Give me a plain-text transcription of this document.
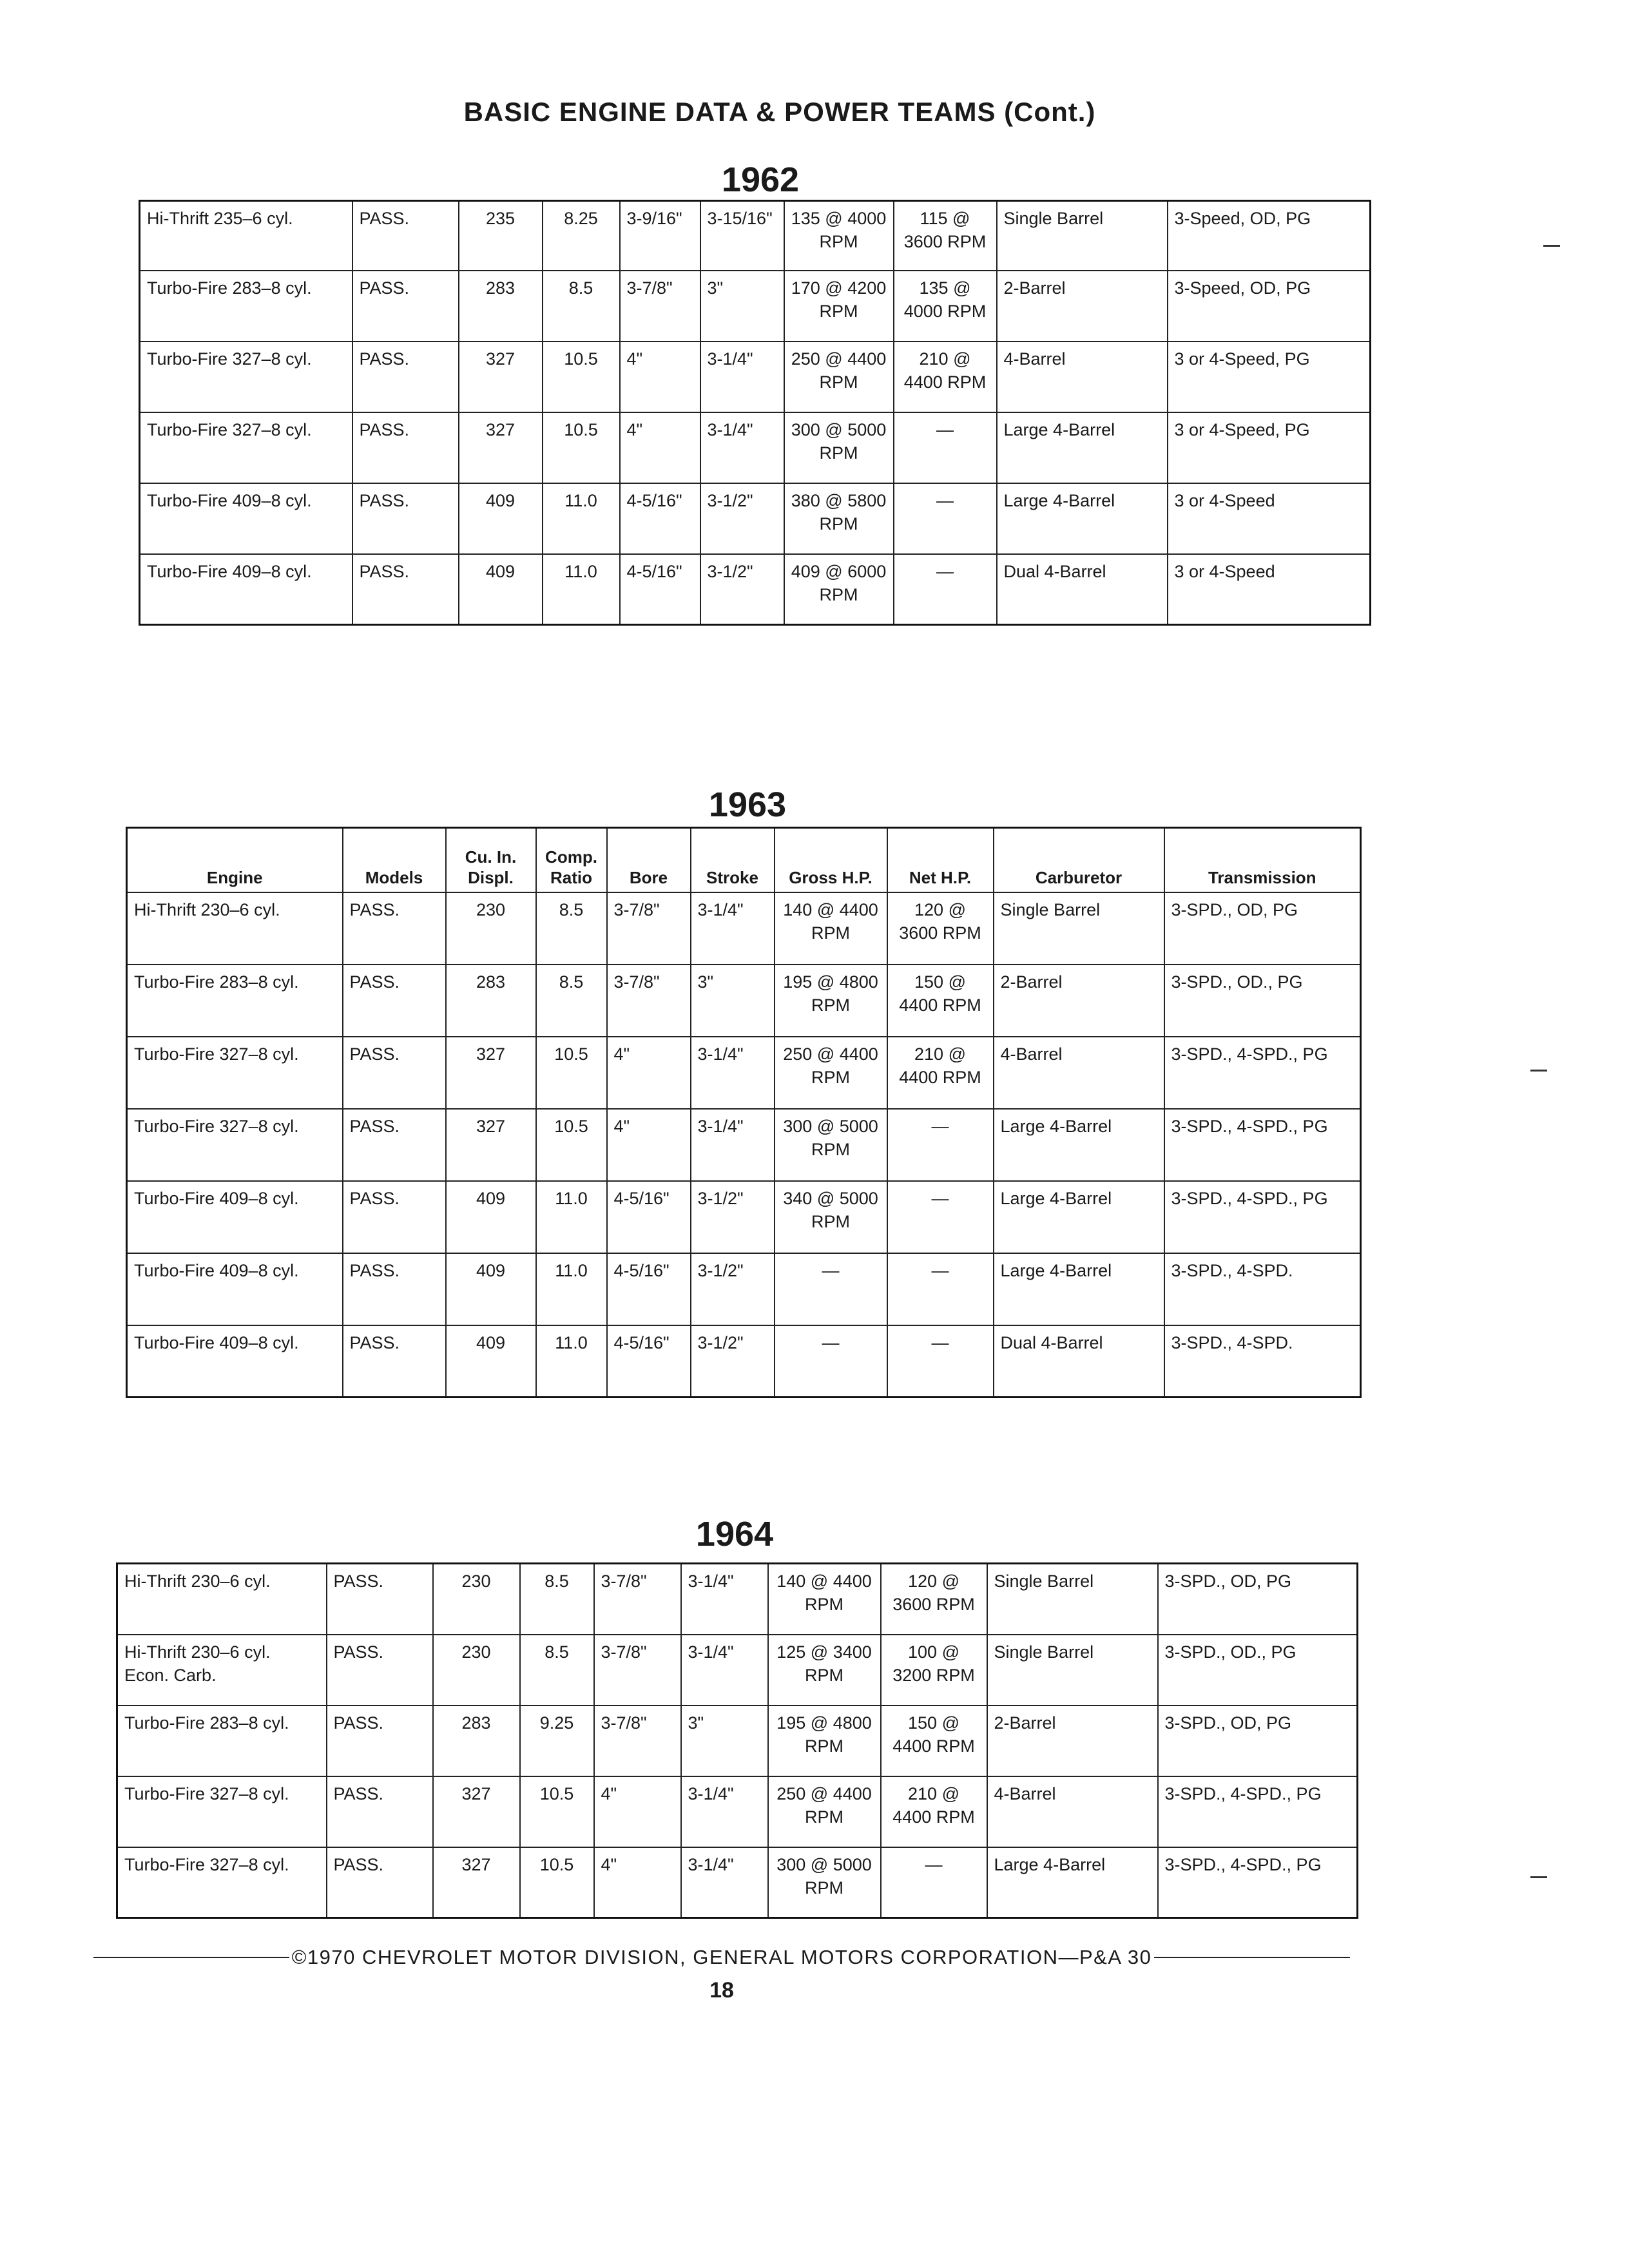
BASIC ENGINE DATA & POWER TEAMS (Cont.)
1962
Hi-Thrift 235–6 cyl.	PASS.	235	8.25	3-9/16"	3-15/16"	135 @ 4000 RPM	115 @ 3600 RPM	Single Barrel	3-Speed, OD, PG
Turbo-Fire 283–8 cyl.	PASS.	283	8.5	3-7/8"	3"	170 @ 4200 RPM	135 @ 4000 RPM	2-Barrel	3-Speed, OD, PG
Turbo-Fire 327–8 cyl.	PASS.	327	10.5	4"	3-1/4"	250 @ 4400 RPM	210 @ 4400 RPM	4-Barrel	3 or 4-Speed, PG
Turbo-Fire 327–8 cyl.	PASS.	327	10.5	4"	3-1/4"	300 @ 5000 RPM	—	Large 4-Barrel	3 or 4-Speed, PG
Turbo-Fire 409–8 cyl.	PASS.	409	11.0	4-5/16"	3-1/2"	380 @ 5800 RPM	—	Large 4-Barrel	3 or 4-Speed
Turbo-Fire 409–8 cyl.	PASS.	409	11.0	4-5/16"	3-1/2"	409 @ 6000 RPM	—	Dual 4-Barrel	3 or 4-Speed
1963
Engine	Models	Cu. In. Displ.	Comp. Ratio	Bore	Stroke	Gross H.P.	Net H.P.	Carburetor	Transmission
Hi-Thrift 230–6 cyl.	PASS.	230	8.5	3-7/8"	3-1/4"	140 @ 4400 RPM	120 @ 3600 RPM	Single Barrel	3-SPD., OD, PG
Turbo-Fire 283–8 cyl.	PASS.	283	8.5	3-7/8"	3"	195 @ 4800 RPM	150 @ 4400 RPM	2-Barrel	3-SPD., OD., PG
Turbo-Fire 327–8 cyl.	PASS.	327	10.5	4"	3-1/4"	250 @ 4400 RPM	210 @ 4400 RPM	4-Barrel	3-SPD., 4-SPD., PG
Turbo-Fire 327–8 cyl.	PASS.	327	10.5	4"	3-1/4"	300 @ 5000 RPM	—	Large 4-Barrel	3-SPD., 4-SPD., PG
Turbo-Fire 409–8 cyl.	PASS.	409	11.0	4-5/16"	3-1/2"	340 @ 5000 RPM	—	Large 4-Barrel	3-SPD., 4-SPD., PG
Turbo-Fire 409–8 cyl.	PASS.	409	11.0	4-5/16"	3-1/2"	—	—	Large 4-Barrel	3-SPD., 4-SPD.
Turbo-Fire 409–8 cyl.	PASS.	409	11.0	4-5/16"	3-1/2"	—	—	Dual 4-Barrel	3-SPD., 4-SPD.
1964
Hi-Thrift 230–6 cyl.	PASS.	230	8.5	3-7/8"	3-1/4"	140 @ 4400 RPM	120 @ 3600 RPM	Single Barrel	3-SPD., OD, PG
Hi-Thrift 230–6 cyl. Econ. Carb.	PASS.	230	8.5	3-7/8"	3-1/4"	125 @ 3400 RPM	100 @ 3200 RPM	Single Barrel	3-SPD., OD., PG
Turbo-Fire 283–8 cyl.	PASS.	283	9.25	3-7/8"	3"	195 @ 4800 RPM	150 @ 4400 RPM	2-Barrel	3-SPD., OD, PG
Turbo-Fire 327–8 cyl.	PASS.	327	10.5	4"	3-1/4"	250 @ 4400 RPM	210 @ 4400 RPM	4-Barrel	3-SPD., 4-SPD., PG
Turbo-Fire 327–8 cyl.	PASS.	327	10.5	4"	3-1/4"	300 @ 5000 RPM	—	Large 4-Barrel	3-SPD., 4-SPD., PG
©1970 CHEVROLET MOTOR DIVISION, GENERAL MOTORS CORPORATION—P&A 30
18
